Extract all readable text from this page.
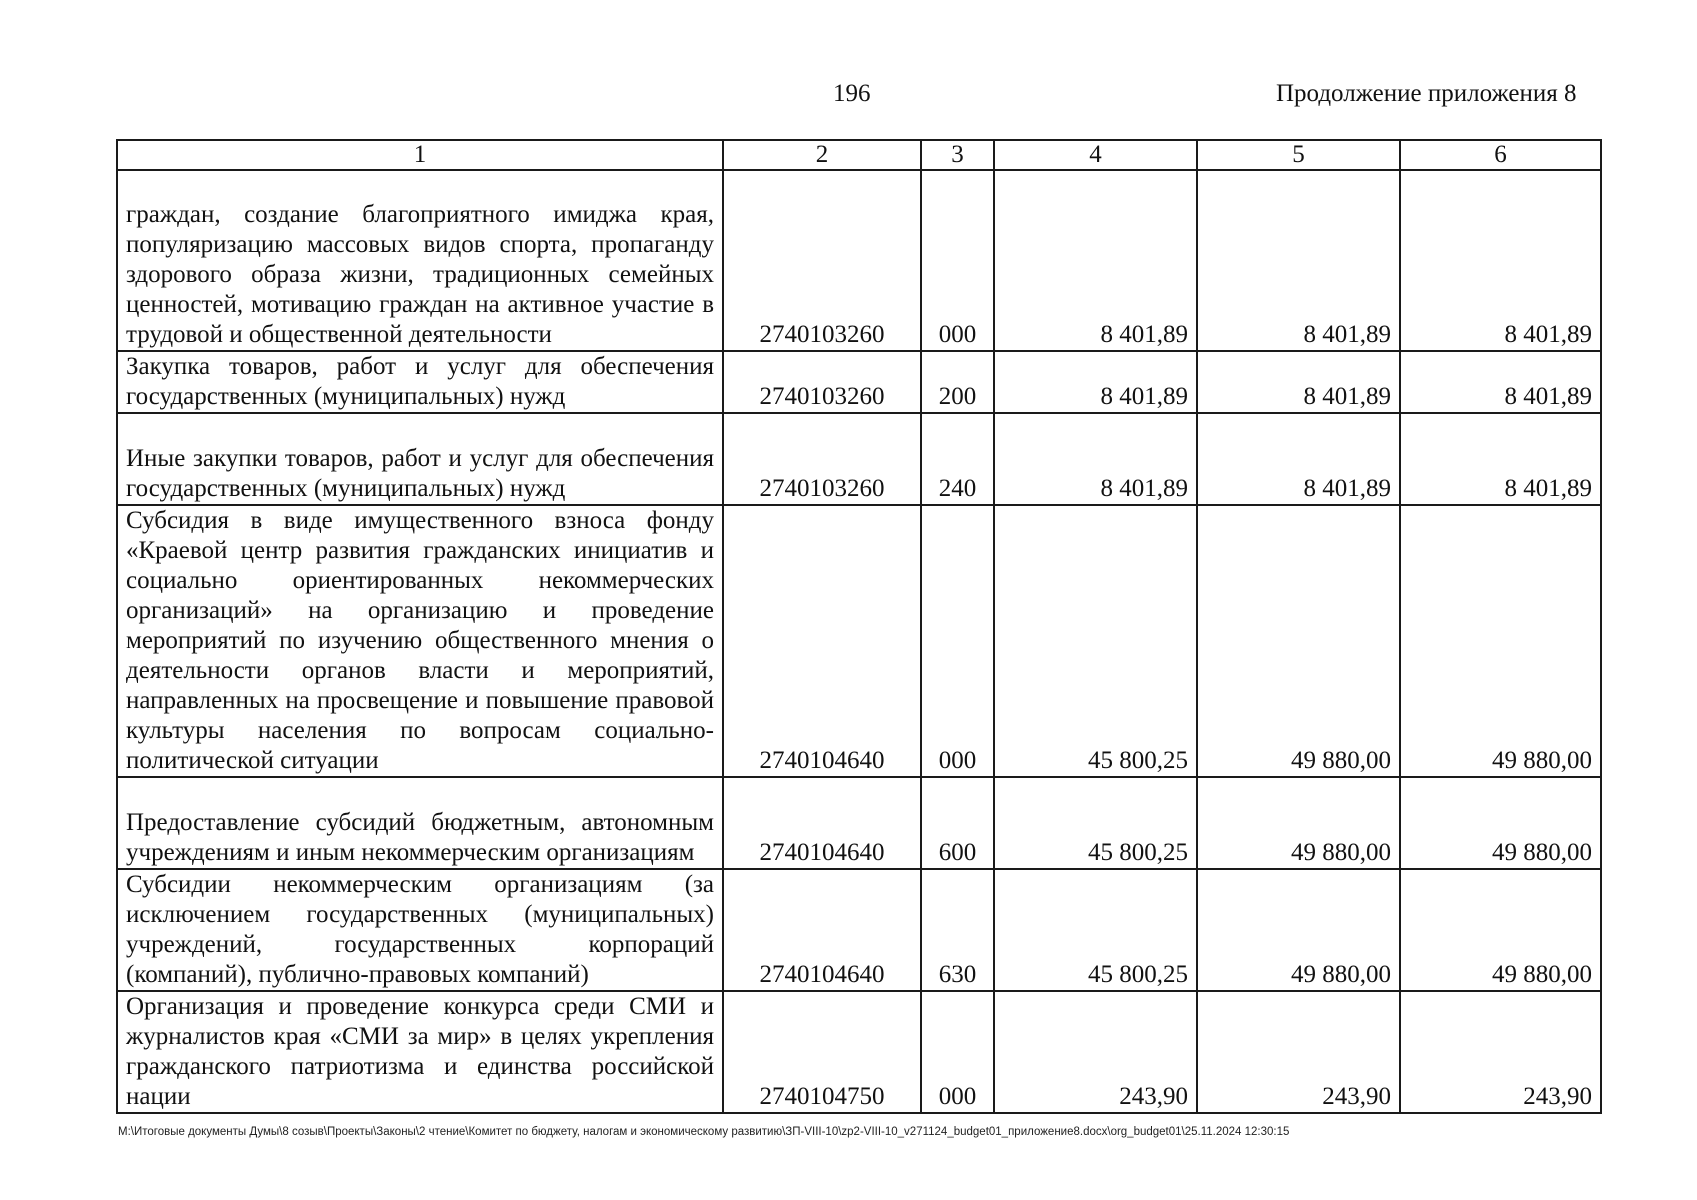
196	Продолжение приложения 8
1	2	3	4	5	6
граждан, создание благоприятного имиджа края, популяризацию массовых видов спорта, пропаганду здорового образа жизни, традиционных семейных ценностей, мотивацию граждан на активное участие в трудовой и общественной деятельности	2740103260	000	8 401,89	8 401,89	8 401,89
Закупка товаров, работ и услуг для обеспечения государственных (муниципальных) нужд	2740103260	200	8 401,89	8 401,89	8 401,89
Иные закупки товаров, работ и услуг для обеспечения государственных (муниципальных) нужд	2740103260	240	8 401,89	8 401,89	8 401,89
Субсидия в виде имущественного взноса фонду «Краевой центр развития гражданских инициатив и социально ориентированных некоммерческих организаций» на организацию и проведение мероприятий по изучению общественного мнения о деятельности органов власти и мероприятий, направленных на просвещение и повышение правовой культуры населения по вопросам социально-политической ситуации	2740104640	000	45 800,25	49 880,00	49 880,00
Предоставление субсидий бюджетным, автономным учреждениям и иным некоммерческим организациям	2740104640	600	45 800,25	49 880,00	49 880,00
Субсидии некоммерческим организациям (за исключением государственных (муниципальных) учреждений, государственных корпораций (компаний), публично-правовых компаний)	2740104640	630	45 800,25	49 880,00	49 880,00
Организация и проведение конкурса среди СМИ и журналистов края «СМИ за мир» в целях укрепления гражданского патриотизма и единства российской нации	2740104750	000	243,90	243,90	243,90
M:\Итоговые документы Думы\8 созыв\Проекты\Законы\2 чтение\Комитет по бюджету, налогам и экономическому развитию\ЗП-VIII-10\zp2-VIII-10_v271124_budget01_приложение8.docx\org_budget01\25.11.2024 12:30:15
